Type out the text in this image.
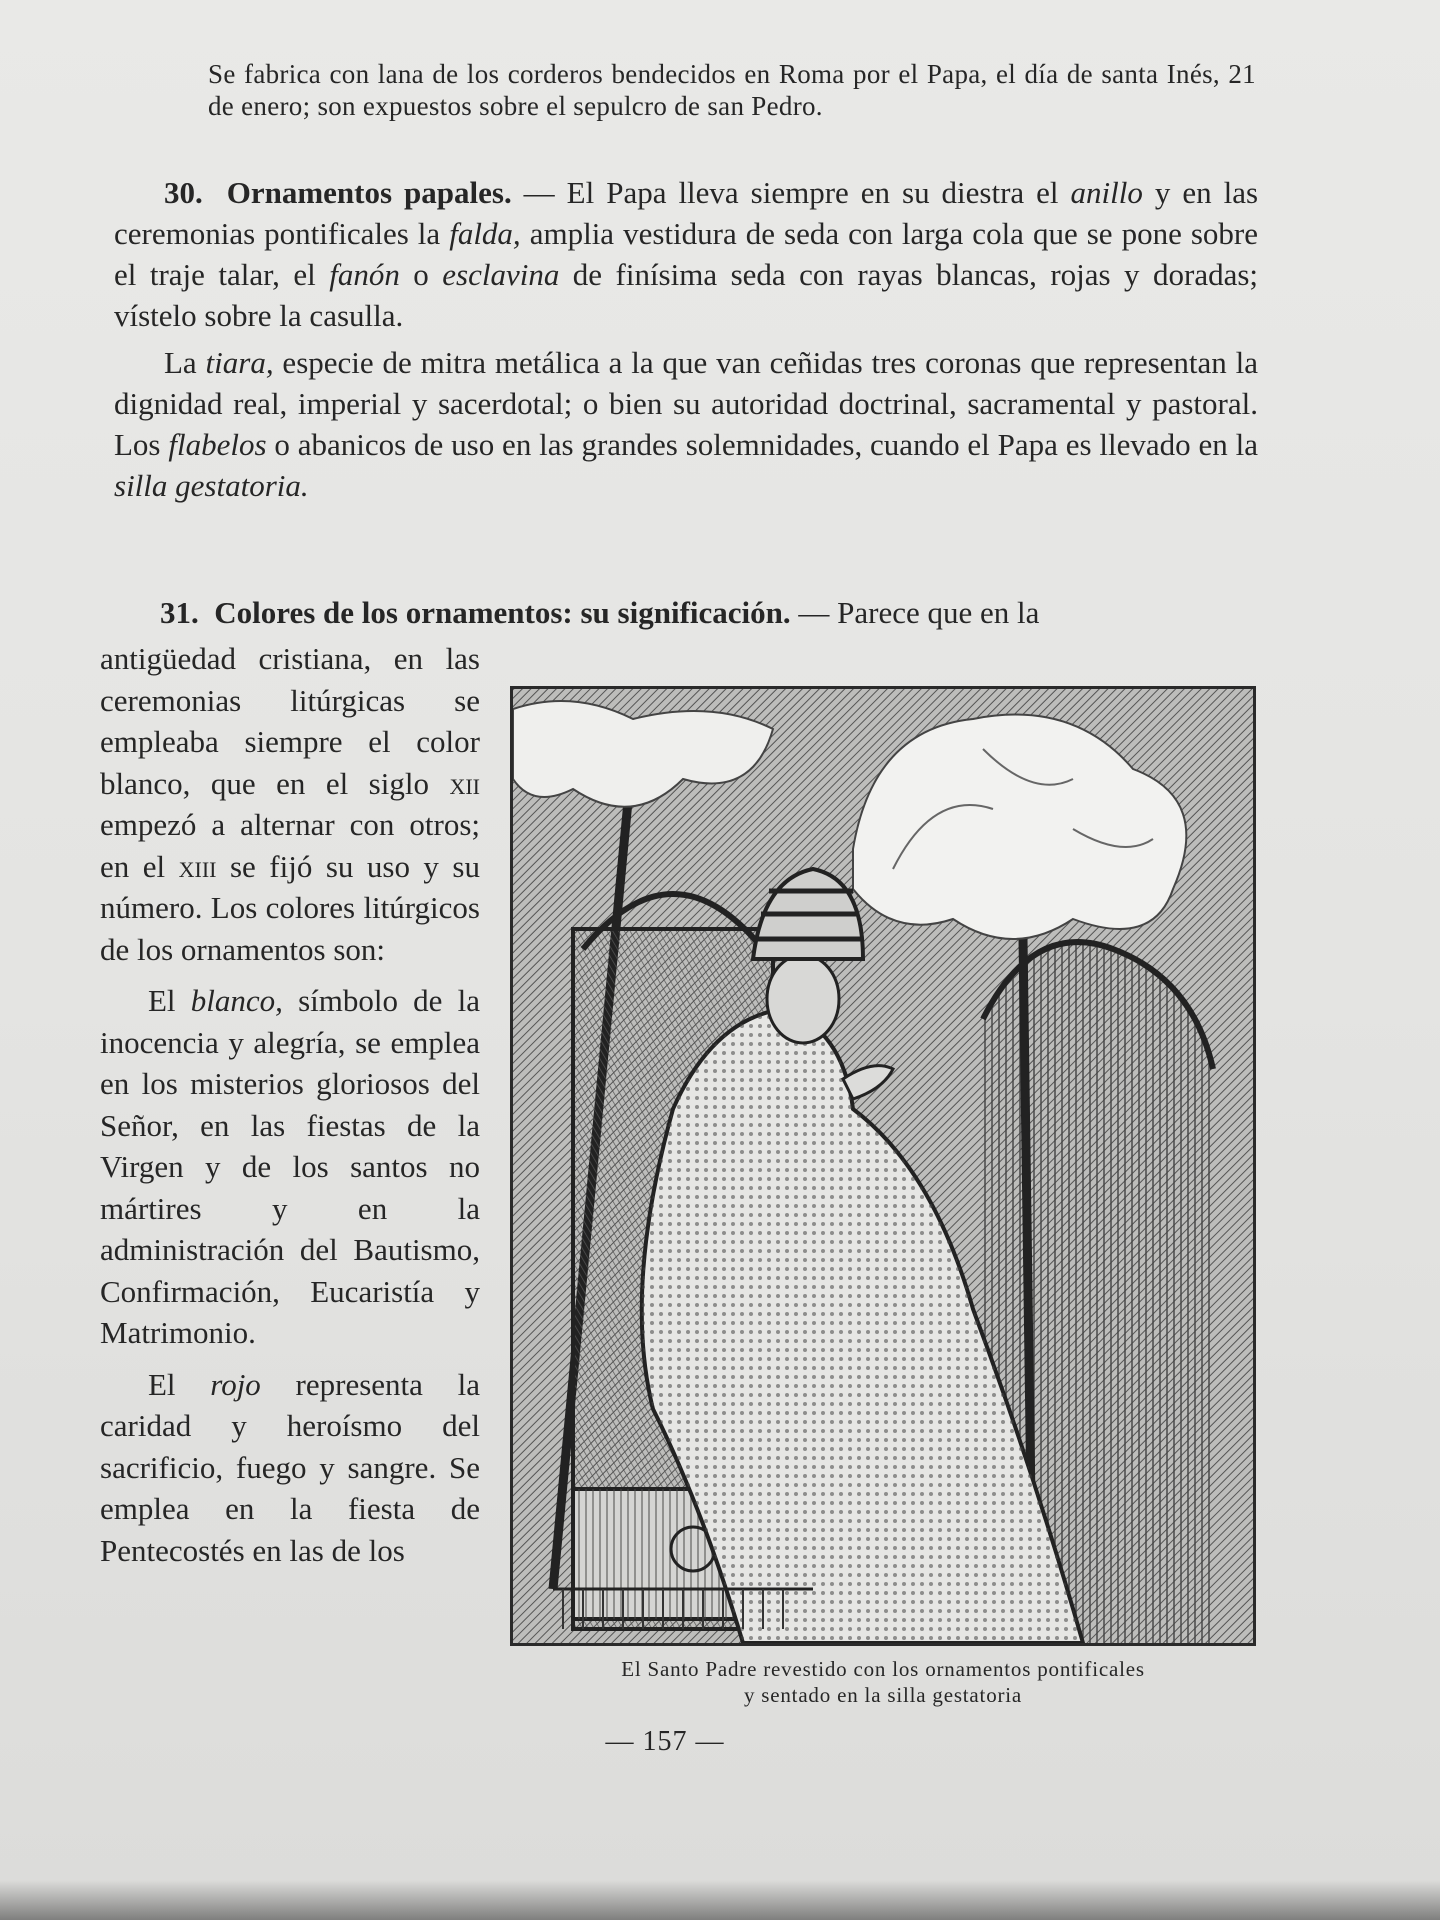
Se fabrica con lana de los corderos bendecidos en Roma por el Papa, el día de santa Inés, 21 de enero; son expuestos sobre el sepulcro de san Pedro.

30. Ornamentos papales. — El Papa lleva siempre en su diestra el anillo y en las ceremonias pontificales la falda, amplia vestidura de seda con larga cola que se pone sobre el traje talar, el fanón o esclavina de finísima seda con rayas blancas, rojas y doradas; vístelo sobre la casulla.

La tiara, especie de mitra metálica a la que van ceñidas tres coronas que representan la dignidad real, imperial y sacerdotal; o bien su autoridad doctrinal, sacramental y pastoral. Los flabelos o abanicos de uso en las grandes solemnidades, cuando el Papa es llevado en la silla gestatoria.

31. Colores de los ornamentos: su significación. — Parece que en la

antigüedad cristiana, en las ceremonias litúrgicas se empleaba siempre el color blanco, que en el siglo xii empezó a alternar con otros; en el xiii se fijó su uso y su número. Los colores litúrgicos de los ornamentos son:

El blanco, símbolo de la inocencia y alegría, se emplea en los misterios gloriosos del Señor, en las fiestas de la Virgen y de los santos no mártires y en la administración del Bautismo, Confirmación, Eucaristía y Matrimonio.

El rojo representa la caridad y heroísmo del sacrificio, fuego y sangre. Se emplea en la fiesta de Pentecostés en las de los

El Santo Padre revestido con los ornamentos pontificales
y sentado en la silla gestatoria
— 157 —
